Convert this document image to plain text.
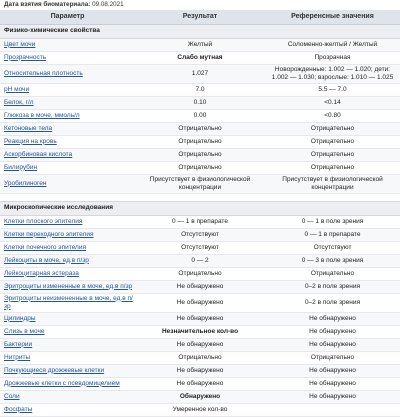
Дата взятия биоматериала: 09.08.2021
Параметр	Результат	Референсные значения
Физико-химические свойства		
Цвет мочи	Желтый	Соломенно-желтый / Желтый
Прозрачность	Слабо мутная	Прозрачная
Относительная плотность	1.027	Новорожденные: 1.002 — 1.020; дети: 1.002 — 1.030; взрослые: 1.010 — 1.025
pH мочи	7.0	5.5 — 7.0
Белок, г/л	0.10	<0.14
Глюкоза в моче, ммоль/л	0.00	<0.80
Кетоновые тела	Отрицательно	Отрицательно
Реакция на кровь	Отрицательно	Отрицательно
Аскорбиновая кислота	Отрицательно	Отрицательно
Билирубин	Отрицательно	Отрицательно
Уробилиноген	Присутствует в физиологической концентрации	Присутствует в физиологической концентрации

Микроскопические исследования		
Клетки плоского эпителия	0 — 1 в препарате	0 — 1 в поле зрения
Клетки переходного эпителия	Отсутствуют	0 — 1 в препарате
Клетки почечного эпителия	Отсутствуют	Отсутствуют
Лейкоциты в моче, ед.в п/зр	0 — 2	0 — 3 в поле зрения
Лейкоцитарная эстераза	Отрицательно	Отрицательно
Эритроциты измененные в моче, ед.в п/зр	Не обнаружено	0–2 в поле зрения
Эритроциты неизмененные в моче, ед.в п/зр	Не обнаружено	0–2 в поле зрения
Цилиндры	Не обнаружено	Не обнаружено
Слизь в моче	Незначительное кол-во	Не обнаружено
Бактерии	Не обнаружено	Не обнаружено
Нитриты	Отрицательно	Отрицательно
Почкующиеся дрожжевые клетки	Не обнаружено	Не обнаружено
Дрожжевые клетки с псевдомицелием	Не обнаружено	Не обнаружено
Соли	Обнаружено	Не обнаружено
Фосфаты	Умеренное кол-во	
